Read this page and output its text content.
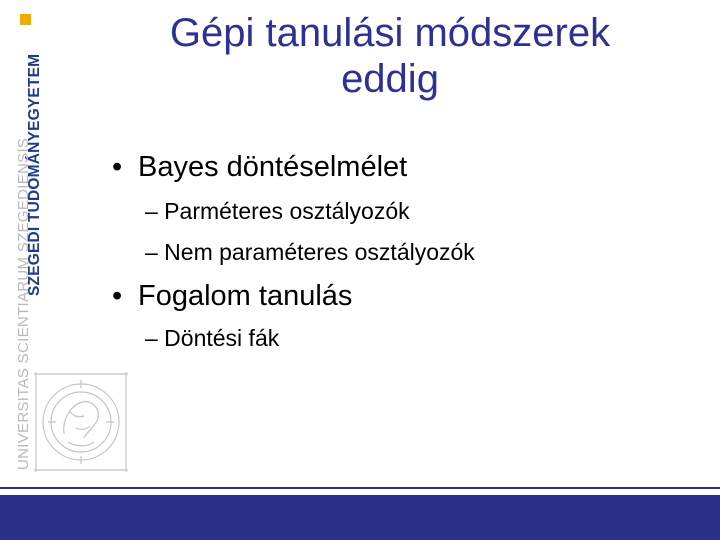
SZEGEDI TUDOMÁNYEGYETEM
UNIVERSITAS SCIENTIARUM SZEGEDIENSIS
Gépi tanulási módszerek
eddig
• Bayes döntéselmélet
– Parméteres osztályozók
– Nem paraméteres osztályozók
• Fogalom tanulás
– Döntési fák
